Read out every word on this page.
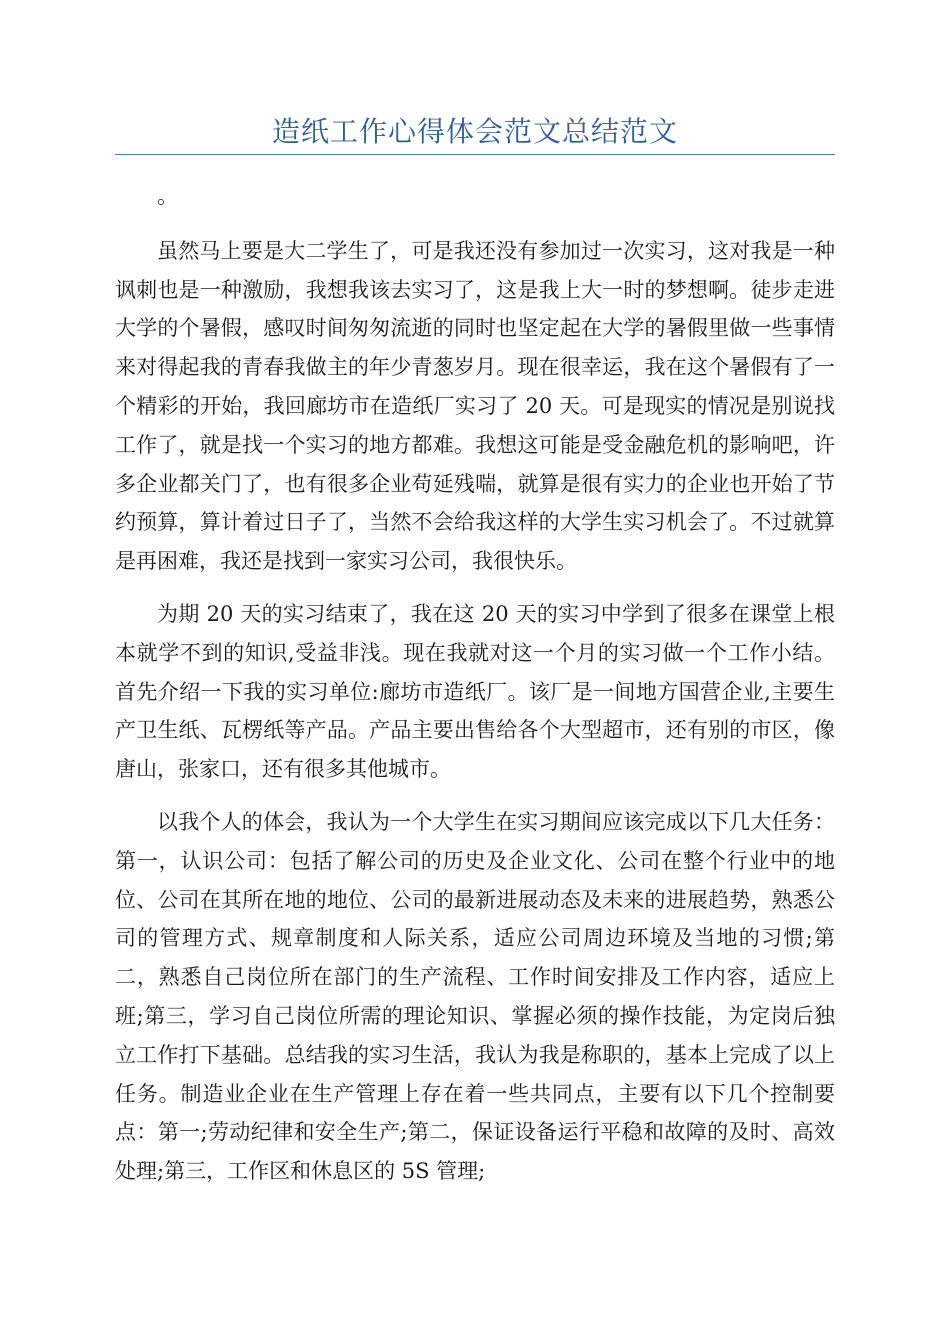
造纸工作心得体会范文总结范文

。

虽然马上要是大二学生了，可是我还没有参加过一次实习，这对我是一种讽刺也是一种激励，我想我该去实习了，这是我上大一时的梦想啊。徒步走进大学的个暑假，感叹时间匆匆流逝的同时也坚定起在大学的暑假里做一些事情来对得起我的青春我做主的年少青葱岁月。现在很幸运，我在这个暑假有了一个精彩的开始，我回廊坊市在造纸厂实习了 20 天。可是现实的情况是别说找工作了，就是找一个实习的地方都难。我想这可能是受金融危机的影响吧，许多企业都关门了，也有很多企业苟延残喘，就算是很有实力的企业也开始了节约预算，算计着过日子了，当然不会给我这样的大学生实习机会了。不过就算是再困难，我还是找到一家实习公司，我很快乐。

为期 20 天的实习结束了，我在这 20 天的实习中学到了很多在课堂上根本就学不到的知识,受益非浅。现在我就对这一个月的实习做一个工作小结。首先介绍一下我的实习单位:廊坊市造纸厂。该厂是一间地方国营企业,主要生产卫生纸、瓦楞纸等产品。产品主要出售给各个大型超市，还有别的市区，像唐山，张家口，还有很多其他城市。

以我个人的体会，我认为一个大学生在实习期间应该完成以下几大任务：第一，认识公司：包括了解公司的历史及企业文化、公司在整个行业中的地位、公司在其所在地的地位、公司的最新进展动态及未来的进展趋势，熟悉公司的管理方式、规章制度和人际关系，适应公司周边环境及当地的习惯;第二，熟悉自己岗位所在部门的生产流程、工作时间安排及工作内容，适应上班;第三，学习自己岗位所需的理论知识、掌握必须的操作技能，为定岗后独立工作打下基础。总结我的实习生活，我认为我是称职的，基本上完成了以上任务。制造业企业在生产管理上存在着一些共同点，主要有以下几个控制要点：第一;劳动纪律和安全生产;第二，保证设备运行平稳和故障的及时、高效处理;第三，工作区和休息区的 5S 管理;
